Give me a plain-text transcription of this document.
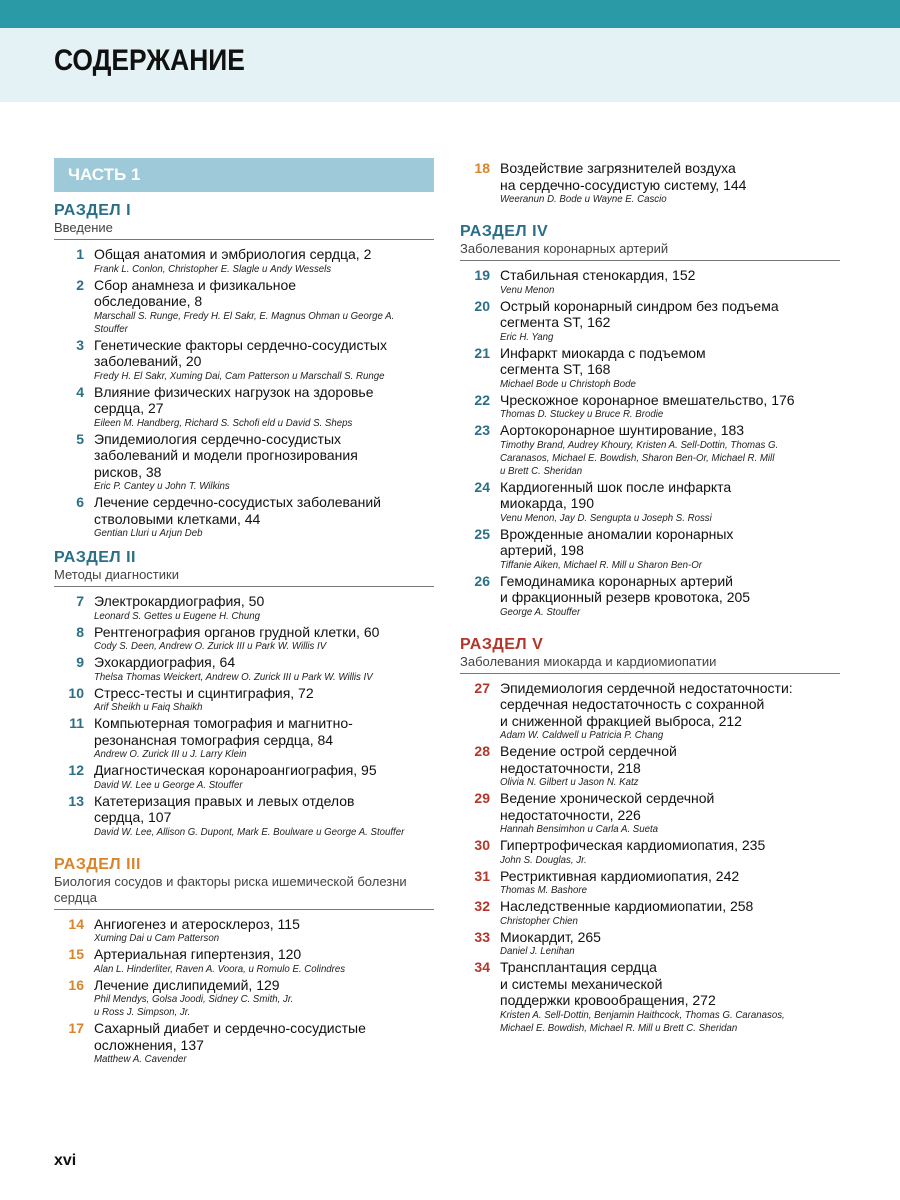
СОДЕРЖАНИЕ
ЧАСТЬ 1
РАЗДЕЛ I
Введение
1 Общая анатомия и эмбриология сердца, 2
Frank L. Conlon, Christopher E. Slagle и Andy Wessels
2 Сбор анамнеза и физикальное
обследование, 8
Marschall S. Runge, Fredy H. El Sakr, E. Magnus Ohman и George A.
Stouffer
3 Генетические факторы сердечно-сосудистых
заболеваний, 20
Fredy H. El Sakr, Xuming Dai, Cam Patterson и Marschall S. Runge
4 Влияние физических нагрузок на здоровье
сердца, 27
Eileen M. Handberg, Richard S. Schofi eld и David S. Sheps
5 Эпидемиология сердечно-сосудистых
заболеваний и модели прогнозирования
рисков, 38
Eric P. Cantey и John T. Wilkins
6 Лечение сердечно-сосудистых заболеваний
стволовыми клетками, 44
Gentian Lluri и Arjun Deb
РАЗДЕЛ II
Методы диагностики
7 Электрокардиография, 50
Leonard S. Gettes и Eugene H. Chung
8 Рентгенография органов грудной клетки, 60
Cody S. Deen, Andrew O. Zurick III и Park W. Willis IV
9 Эхокардиография, 64
Thelsa Thomas Weickert, Andrew O. Zurick III и Park W. Willis IV
10 Стресс-тесты и сцинтиграфия, 72
Arif Sheikh и Faiq Shaikh
11 Компьютерная томография и магнитно-
резонансная томография сердца, 84
Andrew O. Zurick III и J. Larry Klein
12 Диагностическая коронароангиография, 95
David W. Lee и George A. Stouffer
13 Катетеризация правых и левых отделов
сердца, 107
David W. Lee, Allison G. Dupont, Mark E. Boulware и George A. Stouffer
РАЗДЕЛ III
Биология сосудов и факторы риска ишемической болезни
сердца
14 Ангиогенез и атеросклероз, 115
Xuming Dai и Cam Patterson
15 Артериальная гипертензия, 120
Alan L. Hinderliter, Raven A. Voora, и Romulo E. Colindres
16 Лечение дислипидемий, 129
Phil Mendys, Golsa Joodi, Sidney C. Smith, Jr.
и Ross J. Simpson, Jr.
17 Сахарный диабет и сердечно-сосудистые
осложнения, 137
Matthew A. Cavender
18 Воздействие загрязнителей воздуха
на сердечно-сосудистую систему, 144
Weeranun D. Bode и Wayne E. Cascio
РАЗДЕЛ IV
Заболевания коронарных артерий
19 Стабильная стенокардия, 152
Venu Menon
20 Острый коронарный синдром без подъема
сегмента ST, 162
Eric H. Yang
21 Инфаркт миокарда с подъемом
сегмента ST, 168
Michael Bode и Christoph Bode
22 Чрескожное коронарное вмешательство, 176
Thomas D. Stuckey и Bruce R. Brodie
23 Аортокоронарное шунтирование, 183
Timothy Brand, Audrey Khoury, Kristen A. Sell-Dottin, Thomas G.
Caranasos, Michael E. Bowdish, Sharon Ben-Or, Michael R. Mill
и Brett C. Sheridan
24 Кардиогенный шок после инфаркта
миокарда, 190
Venu Menon, Jay D. Sengupta и Joseph S. Rossi
25 Врожденные аномалии коронарных
артерий, 198
Tiffanie Aiken, Michael R. Mill и Sharon Ben-Or
26 Гемодинамика коронарных артерий
и фракционный резерв кровотока, 205
George A. Stouffer
РАЗДЕЛ V
Заболевания миокарда и кардиомиопатии
27 Эпидемиология сердечной недостаточности:
сердечная недостаточность с сохранной
и сниженной фракцией выброса, 212
Adam W. Caldwell и Patricia P. Chang
28 Ведение острой сердечной
недостаточности, 218
Olivia N. Gilbert и Jason N. Katz
29 Ведение хронической сердечной
недостаточности, 226
Hannah Bensimhon и Carla A. Sueta
30 Гипертрофическая кардиомиопатия, 235
John S. Douglas, Jr.
31 Рестриктивная кардиомиопатия, 242
Thomas M. Bashore
32 Наследственные кардиомиопатии, 258
Christopher Chien
33 Миокардит, 265
Daniel J. Lenihan
34 Трансплантация сердца
и системы механической
поддержки кровообращения, 272
Kristen A. Sell-Dottin, Benjamin Haithcock, Thomas G. Caranasos,
Michael E. Bowdish, Michael R. Mill и Brett C. Sheridan
xvi
